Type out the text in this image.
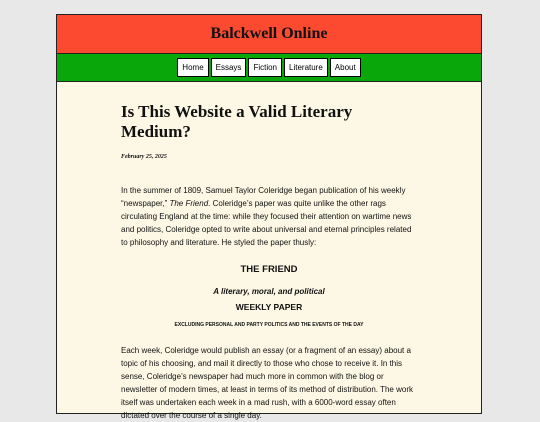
Balckwell Online
Home	Essays	Fiction	Literature	About
Is This Website a Valid Literary Medium?
February 25, 2025

In the summer of 1809, Samuel Taylor Coleridge began publication of his weekly “newspaper,” The Friend. Coleridge’s paper was quite unlike the other rags circulating England at the time: while they focused their attention on wartime news and politics, Coleridge opted to write about universal and eternal principles related to philosophy and literature. He styled the paper thusly:

THE FRIEND
A literary, moral, and political
WEEKLY PAPER
EXCLUDING PERSONAL AND PARTY POLITICS AND THE EVENTS OF THE DAY

Each week, Coleridge would publish an essay (or a fragment of an essay) about a topic of his choosing, and mail it directly to those who chose to receive it. In this sense, Coleridge’s newspaper had much more in common with the blog or newsletter of modern times, at least in terms of its method of distribution. The work itself was undertaken each week in a mad rush, with a 6000-word essay often dictated over the course of a single day.
